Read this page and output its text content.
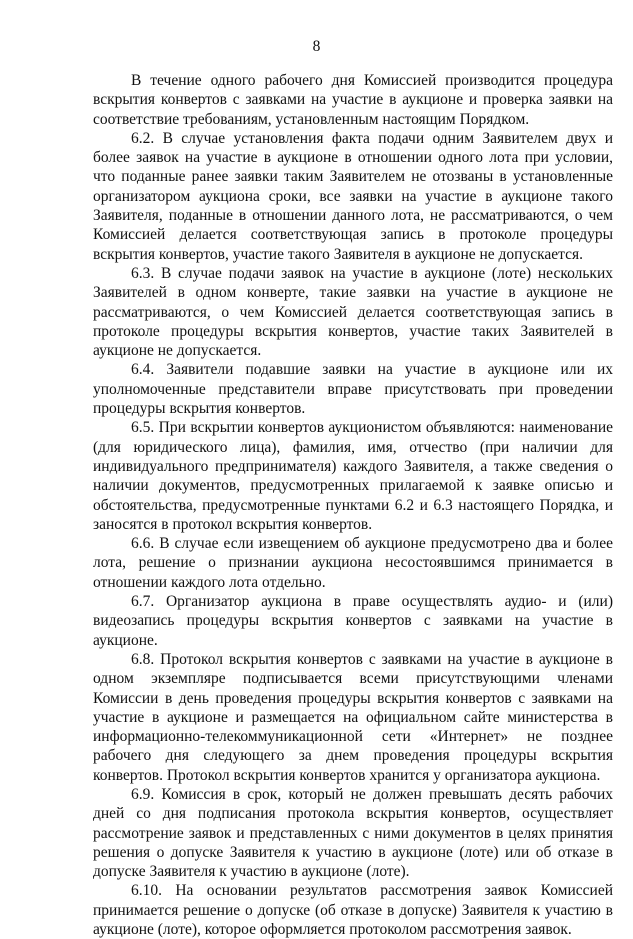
8

В течение одного рабочего дня Комиссией производится процедура вскрытия конвертов с заявками на участие в аукционе и проверка заявки на соответствие требованиям, установленным настоящим Порядком.

6.2. В случае установления факта подачи одним Заявителем двух и более заявок на участие в аукционе в отношении одного лота при условии, что поданные ранее заявки таким Заявителем не отозваны в установленные организатором аукциона сроки, все заявки на участие в аукционе такого Заявителя, поданные в отношении данного лота, не рассматриваются, о чем Комиссией делается соответствующая запись в протоколе процедуры вскрытия конвертов, участие такого Заявителя в аукционе не допускается.

6.3. В случае подачи заявок на участие в аукционе (лоте) нескольких Заявителей в одном конверте, такие заявки на участие в аукционе не рассматриваются, о чем Комиссией делается соответствующая запись в протоколе процедуры вскрытия конвертов, участие таких Заявителей в аукционе не допускается.

6.4. Заявители подавшие заявки на участие в аукционе или их уполномоченные представители вправе присутствовать при проведении процедуры вскрытия конвертов.

6.5. При вскрытии конвертов аукционистом объявляются: наименование (для юридического лица), фамилия, имя, отчество (при наличии для индивидуального предпринимателя) каждого Заявителя, а также сведения о наличии документов, предусмотренных прилагаемой к заявке описью и обстоятельства, предусмотренные пунктами 6.2 и 6.3 настоящего Порядка, и заносятся в протокол вскрытия конвертов.

6.6. В случае если извещением об аукционе предусмотрено два и более лота, решение о признании аукциона несостоявшимся принимается в отношении каждого лота отдельно.

6.7. Организатор аукциона в праве осуществлять аудио- и (или) видеозапись процедуры вскрытия конвертов с заявками на участие в аукционе.

6.8. Протокол вскрытия конвертов с заявками на участие в аукционе в одном экземпляре подписывается всеми присутствующими членами Комиссии в день проведения процедуры вскрытия конвертов с заявками на участие в аукционе и размещается на официальном сайте министерства в информационно-телекоммуникационной сети «Интернет» не позднее рабочего дня следующего за днем проведения процедуры вскрытия конвертов. Протокол вскрытия конвертов хранится у организатора аукциона.

6.9. Комиссия в срок, который не должен превышать десять рабочих дней со дня подписания протокола вскрытия конвертов, осуществляет рассмотрение заявок и представленных с ними документов в целях принятия решения о допуске Заявителя к участию в аукционе (лоте) или об отказе в допуске Заявителя к участию в аукционе (лоте).

6.10. На основании результатов рассмотрения заявок Комиссией принимается решение о допуске (об отказе в допуске) Заявителя к участию в аукционе (лоте), которое оформляется протоколом рассмотрения заявок.
